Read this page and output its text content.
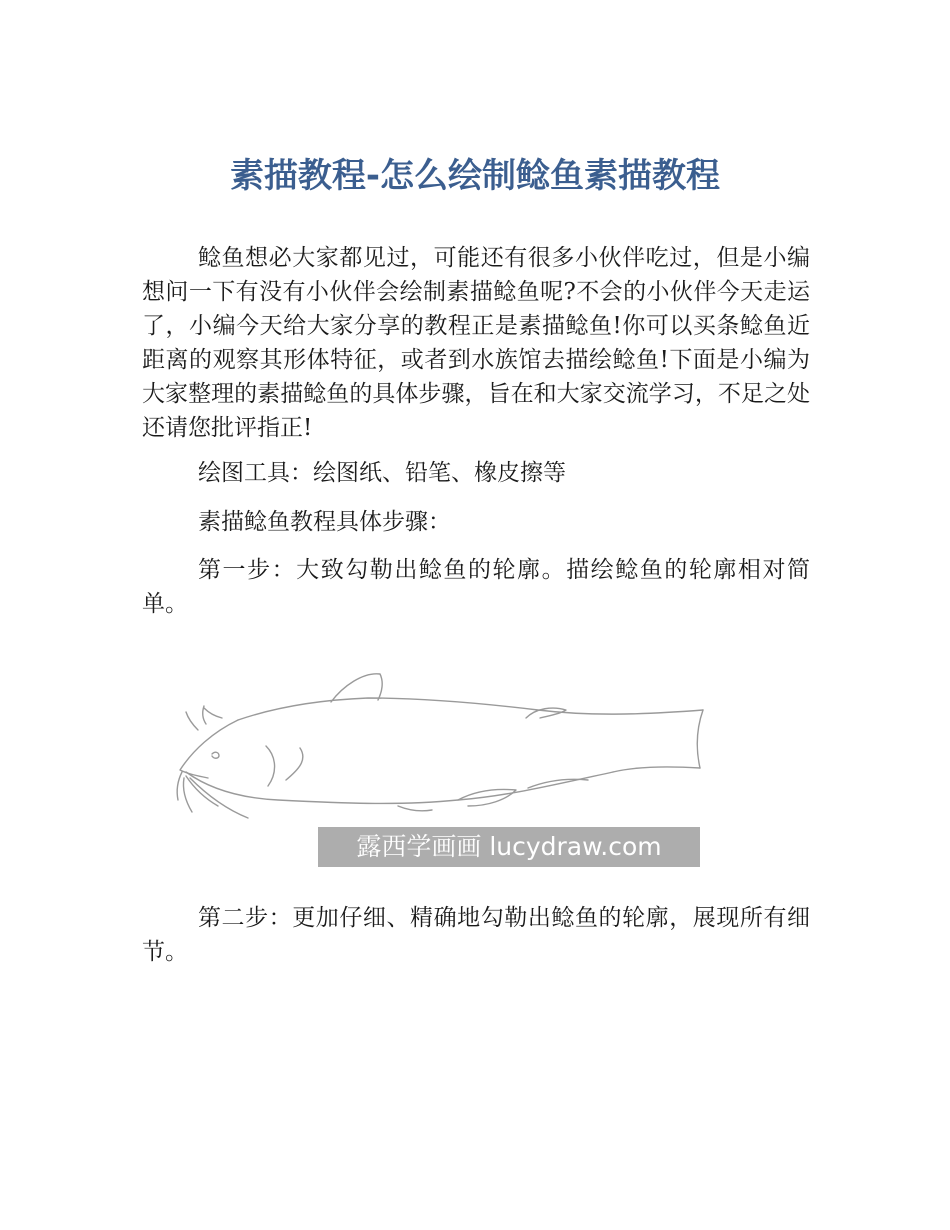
素描教程-怎么绘制鲶鱼素描教程

鲶鱼想必大家都见过，可能还有很多小伙伴吃过，但是小编想问一下有没有小伙伴会绘制素描鲶鱼呢?不会的小伙伴今天走运了，小编今天给大家分享的教程正是素描鲶鱼!你可以买条鲶鱼近距离的观察其形体特征，或者到水族馆去描绘鲶鱼!下面是小编为大家整理的素描鲶鱼的具体步骤，旨在和大家交流学习，不足之处还请您批评指正!

绘图工具：绘图纸、铅笔、橡皮擦等

素描鲶鱼教程具体步骤：

第一步：大致勾勒出鲶鱼的轮廓。描绘鲶鱼的轮廓相对简单。

露西学画画 lucydraw.com

第二步：更加仔细、精确地勾勒出鲶鱼的轮廓，展现所有细节。
